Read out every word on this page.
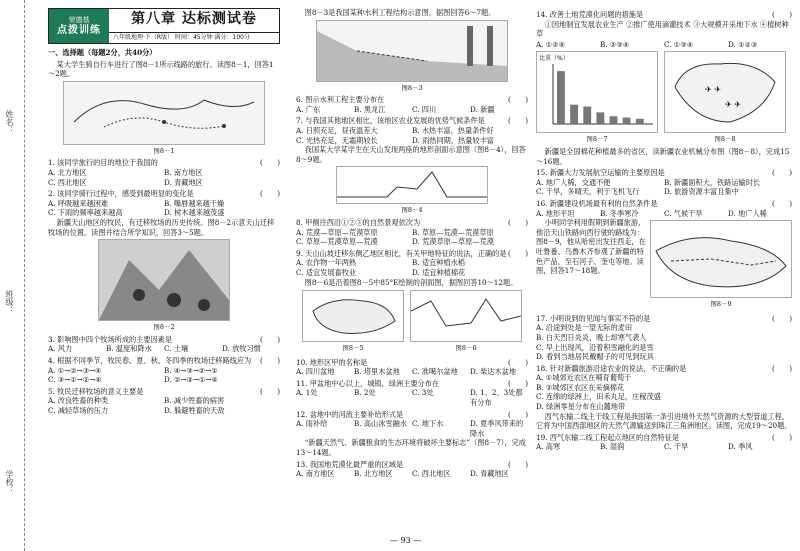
学校：
班级：
姓名：
荣德基
点拨训练
第八章 达标测试卷
八年级地理·下（R版） 时间：45分钟 满分：100分
一、选择题（每题2分，共40分）

某大学生骑自行车进行了图8－1所示线路的旅行。读图8－1，回答1～2题。

图8－1
1. 该同学旅行的目的地位于我国的	(　　)
A. 北方地区	B. 南方地区
C. 西北地区	D. 青藏地区
2. 该同学骑行过程中，感受到最明显的变化是	(　　)
A. 呼吸越来越困难	B. 嘴唇越来越干燥
C. 下雨的频率越来越高	D. 树木越来越茂盛

新疆天山地区的牧民，有迁移牧场的历史传统。图8－2示意天山迁移牧场的位置。读图并结合所学知识，回答3～5题。

图8－2
3. 影响图中四个牧场所成的主要因素是	(　　)
A. 风力	B. 温度和降水	C. 土壤	D. 放牧习惯
4. 根据不同季节，牧民春、夏、秋、冬四季的牧场迁移路线应为 (　　)
A. ①→②→③→④	B. ④→③→②→①
C. ③→①→②→④	D. ②→③→①→④
5. 牧民迁移牧场的意义主要是	(　　)
A. 改良牲畜的种类	B. 减少牲畜的病害
C. 减轻草场的压力	D. 躲避牲畜的天敌

图8－3是我国某种水利工程结构示意图，据图回答6～7题。

图8－3
6. 图示水利工程主要分布在	(　　)
A. 广东	B. 黑龙江	C. 四川	D. 新疆
7. 与我国其他地区相比，该地区农业发展的优势气候条件是	(　　)
A. 日照充足，昼夜温差大	B. 水热丰富，热量条件好
C. 光热充足，无霜期较长	D. 雨热同期，热量较丰富

我国某大学某学生在天山发现两座的地形剖面示意图（图8－4），回答8～9题。

图8－4
8. 甲侧往西沿①②③的自然景观依次为	(　　)
A. 荒漠—草原—荒漠草原	B. 草原—荒漠—荒漠草原
C. 草原—荒漠草原—荒漠	D. 荒漠草原—草原—荒漠
9. 天山山坡迁移东侧乙地区相比，有关甲地特征的说法，正确的是 (　　)
A. 农作物一年两熟	B. 适宜种植水稻
C. 适宜发展畜牧业	D. 适宜种植棉花

图8－6是沿着图8－5中85°E绘制的剖面图，据图回答10～12题。

图8－5	图8－6
10. 地形区甲的名称是	(　　)
A. 四川盆地	B. 塔里木盆地	C. 准噶尔盆地	D. 柴达木盆地
11. 甲盆地中心以上，城镇，绿洲主要分布在	(　　)
A. 1处	B. 2处	C. 3处	D. 1、2、3处都有分布
12. 盆地中的河流主要补给形式是	(　　)
A. 雨补给	B. 高山冰雪融水 C. 地下水	D. 夏季风带来的降水

“新疆天然气、新疆粮食的生态环境将破坏主要标志”（图8－7），完成13～14题。

13. 我国地荒漠化最严重的区域是	(　　)
A. 南方地区	B. 北方地区	C. 西北地区	D. 青藏地区
14. 改善土地荒漠化问题的措施是	(　　)

①因地制宜发展农业生产 ②推广使用滴灌技术 ③大规模开采地下水 ④植树种草

A. ①②④	B. ②③④	C. ①③④	D. ①②③
比重（%）
图8－7
✈ ✈
✈ ✈
图8－8

新疆是全国棉花种植最多的省区，读新疆农业机械分布图（图8－8），完成15～16题。

15. 新疆大力发展航空运输的主要原因是	(　　)
A. 地广人稀，交通不便	B. 新疆面积大，铁路运输时长
C. 干旱，多晴天，利于飞机飞行	D. 旅游资源丰富且集中
16. 新疆建设机场最有利的自然条件是	(　　)
A. 地形平坦	B. 冬季寒冷	C. 气候干旱	D. 地广人稀

小明同学利用假期到新疆旅游，他沿天山铁路向西行驶的路线为：图8－9，他从哈密出发往西走，在吐鲁番、乌鲁木齐参观了新疆的特色产品，至石河子、奎屯等地。读图，回答17～18题。

图8－9
17. 小明说到的见闻与事实不符的是	(　　)
A. 沿途到处是一望无际的麦田
B. 白天烈日炎炎，晚上却寒气袭人
C. 早上出现风，沿着积雪融化的是雪
D. 看到当地居民戴帽子的可见到玩具
18. 针对新疆旅游沿途农业的说法，不正确的是	(　　)
A. ①城郊近农区在哺育葡萄干
B. ②城郊区农区在采摘棉花
C. 连绵的绿洲上，田禾丸足，庄稼茂盛
D. 绿洲零星分布在山麓地带

西气东输二线主干线工程是我国第一条引进境外天然气资源的大型管道工程，它将为中国西部地区的天然气源输送到珠江三角洲地区。读图，完成19～20题。

19. 西气东输二线工程起点地区的自然特征是	(　　)
A. 高寒	B. 湿润	C. 干旱	D. 季风
— 93 —
